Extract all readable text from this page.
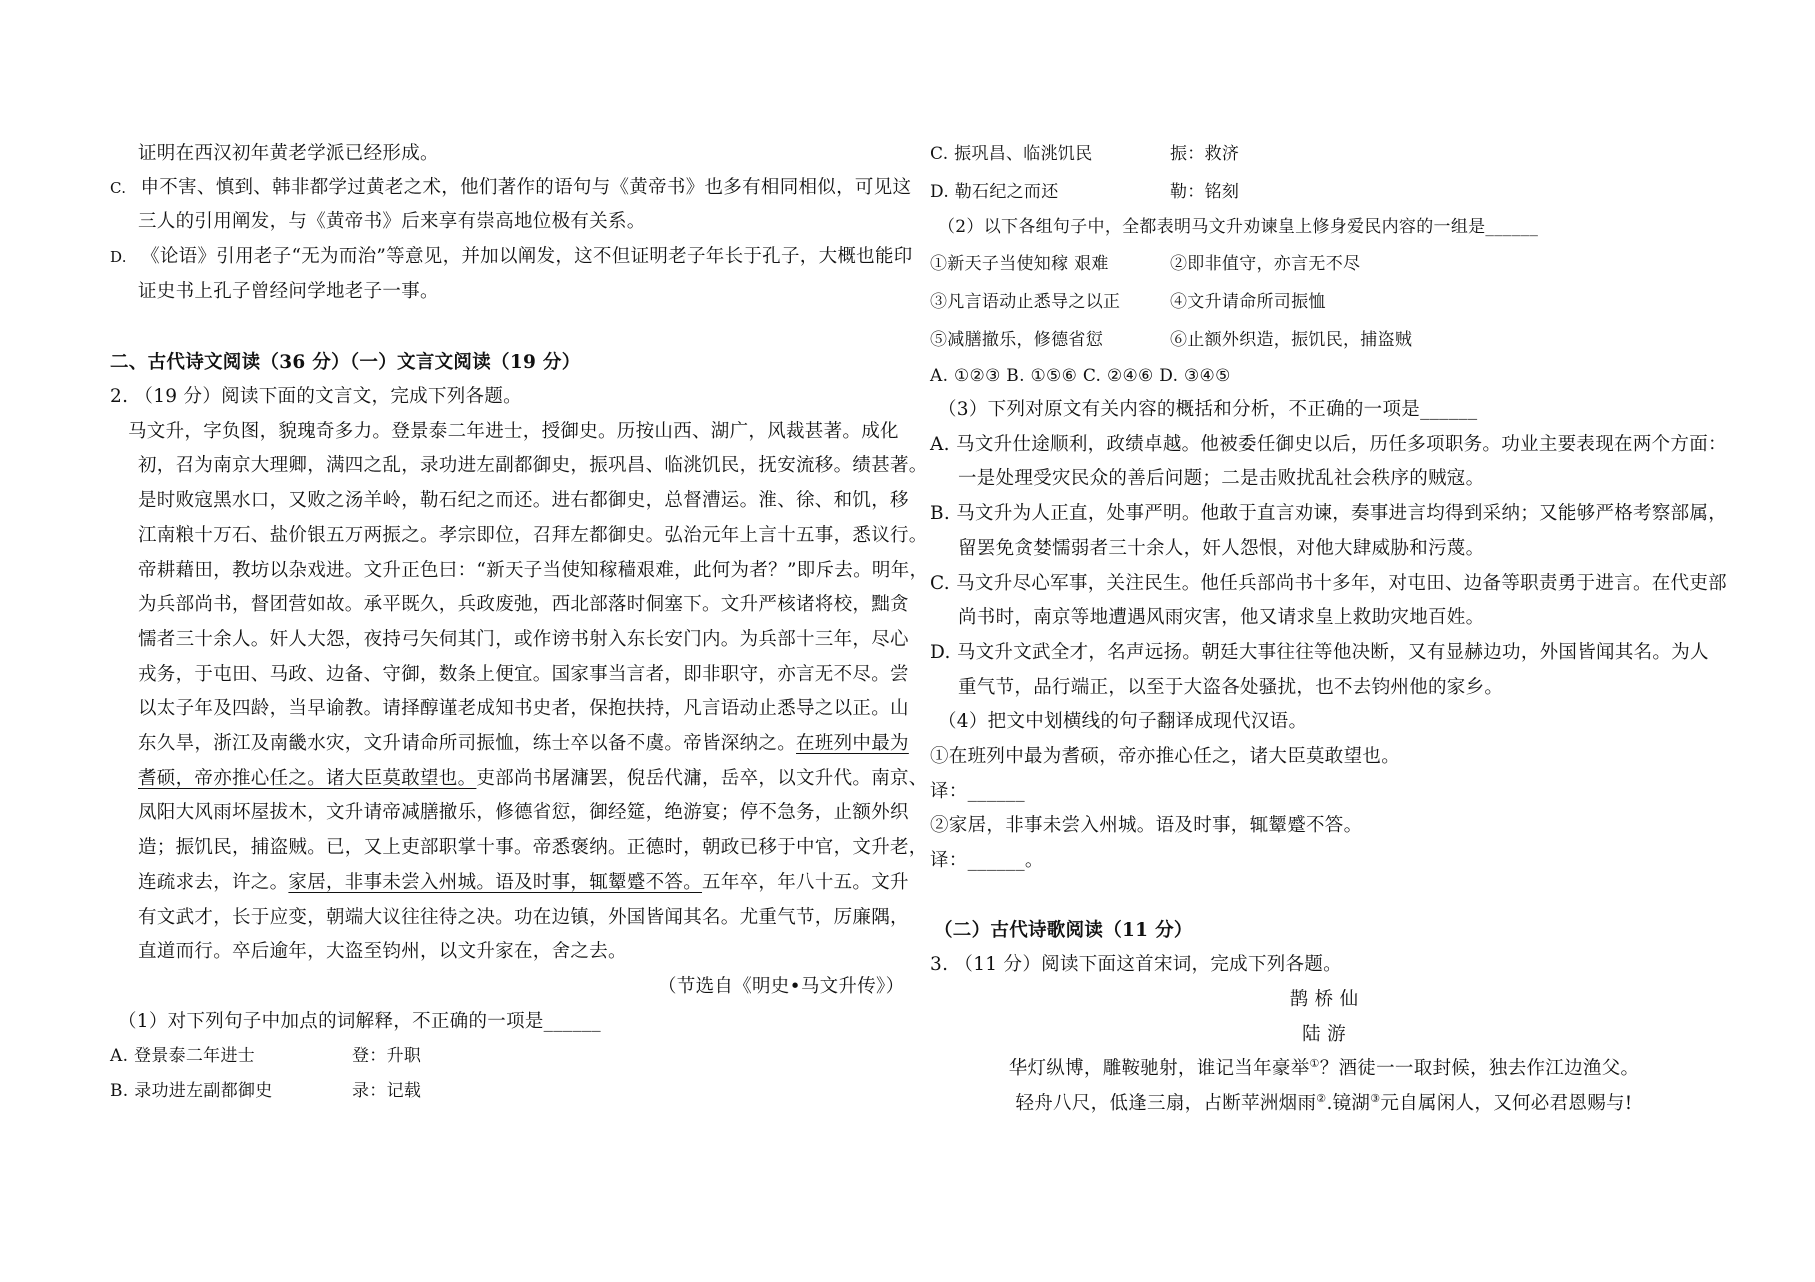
证明在西汉初年黄老学派已经形成。
C. 申不害、慎到、韩非都学过黄老之术，他们著作的语句与《黄帝书》也多有相同相似，可见这
三人的引用阐发，与《黄帝书》后来享有崇高地位极有关系。
D. 《论语》引用老子“无为而治”等意见，并加以阐发，这不但证明老子年长于孔子，大概也能印
证史书上孔子曾经问学地老子一事。
二、古代诗文阅读（36 分）（一）文言文阅读（19 分）
2. （19 分）阅读下面的文言文，完成下列各题。
马文升，字负图，貌瑰奇多力。登景泰二年进士，授御史。历按山西、湖广，风裁甚著。成化
初，召为南京大理卿，满四之乱，录功进左副都御史，振巩昌、临洮饥民，抚安流移。绩甚著。
是时败寇黑水口，又败之汤羊岭，勒石纪之而还。进右都御史，总督漕运。淮、徐、和饥，移
江南粮十万石、盐价银五万两振之。孝宗即位，召拜左都御史。弘治元年上言十五事，悉议行。
帝耕藉田，教坊以杂戏进。文升正色曰：“新天子当使知稼穑艰难，此何为者？”即斥去。明年，
为兵部尚书，督团营如故。承平既久，兵政废弛，西北部落时侗塞下。文升严核诸将校，黜贪
懦者三十余人。奸人大怨，夜持弓矢伺其门，或作谤书射入东长安门内。为兵部十三年，尽心
戎务，于屯田、马政、边备、守御，数条上便宜。国家事当言者，即非职守，亦言无不尽。尝
以太子年及四龄，当早谕教。请择醇谨老成知书史者，保抱扶持，凡言语动止悉导之以正。山
东久旱，浙江及南畿水灾，文升请命所司振恤，练士卒以备不虞。帝皆深纳之。在班列中最为
耆硕，帝亦推心任之。诸大臣莫敢望也。吏部尚书屠滽罢，倪岳代滽，岳卒，以文升代。南京、
凤阳大风雨坏屋拔木，文升请帝减膳撤乐，修德省愆，御经筵，绝游宴；停不急务，止额外织
造；振饥民，捕盗贼。已，又上吏部职掌十事。帝悉褒纳。正德时，朝政已移于中官，文升老，
连疏求去，许之。家居，非事未尝入州城。语及时事，辄颦蹙不答。五年卒，年八十五。文升
有文武才，长于应变，朝端大议往往待之决。功在边镇，外国皆闻其名。尤重气节，厉廉隅，
直道而行。卒后逾年，大盗至钧州，以文升家在，舍之去。
（节选自《明史•马文升传》）
（1）对下列句子中加点的词解释，不正确的一项是______
A. 登景泰二年进士	登：升职
B. 录功进左副都御史	录：记载
C. 振巩昌、临洮饥民	振：救济
D. 勒石纪之而还	勒：铭刻
（2）以下各组句子中，全都表明马文升劝谏皇上修身爱民内容的一组是______
①新天子当使知稼 艰难	②即非值守，亦言无不尽
③凡言语动止悉导之以正	④文升请命所司振恤
⑤减膳撤乐，修德省愆	⑥止额外织造，振饥民，捕盗贼
A. ①②③ B. ①⑤⑥ C. ②④⑥ D. ③④⑤
（3）下列对原文有关内容的概括和分析，不正确的一项是______
A. 马文升仕途顺利，政绩卓越。他被委任御史以后，历任多项职务。功业主要表现在两个方面：
一是处理受灾民众的善后问题；二是击败扰乱社会秩序的贼寇。
B. 马文升为人正直，处事严明。他敢于直言劝谏，奏事进言均得到采纳；又能够严格考察部属，
留罢免贪婪懦弱者三十余人，奸人怨恨，对他大肆威胁和污蔑。
C. 马文升尽心军事，关注民生。他任兵部尚书十多年，对屯田、边备等职责勇于进言。在代吏部
尚书时，南京等地遭遇风雨灾害，他又请求皇上救助灾地百姓。
D. 马文升文武全才，名声远扬。朝廷大事往往等他决断，又有显赫边功，外国皆闻其名。为人
重气节，品行端正，以至于大盗各处骚扰，也不去钧州他的家乡。
（4）把文中划横线的句子翻译成现代汉语。
①在班列中最为耆硕，帝亦推心任之，诸大臣莫敢望也。
译：______
②家居，非事未尝入州城。语及时事，辄颦蹙不答。
译：______。
（二）古代诗歌阅读（11 分）
3. （11 分）阅读下面这首宋词，完成下列各题。
鹊 桥 仙
陆 游
华灯纵博，雕鞍驰射，谁记当年豪举①？酒徒一一取封候，独去作江边渔父。
轻舟八尺，低逢三扇，占断苹洲烟雨②.镜湖③元自属闲人，又何必君恩赐与!
